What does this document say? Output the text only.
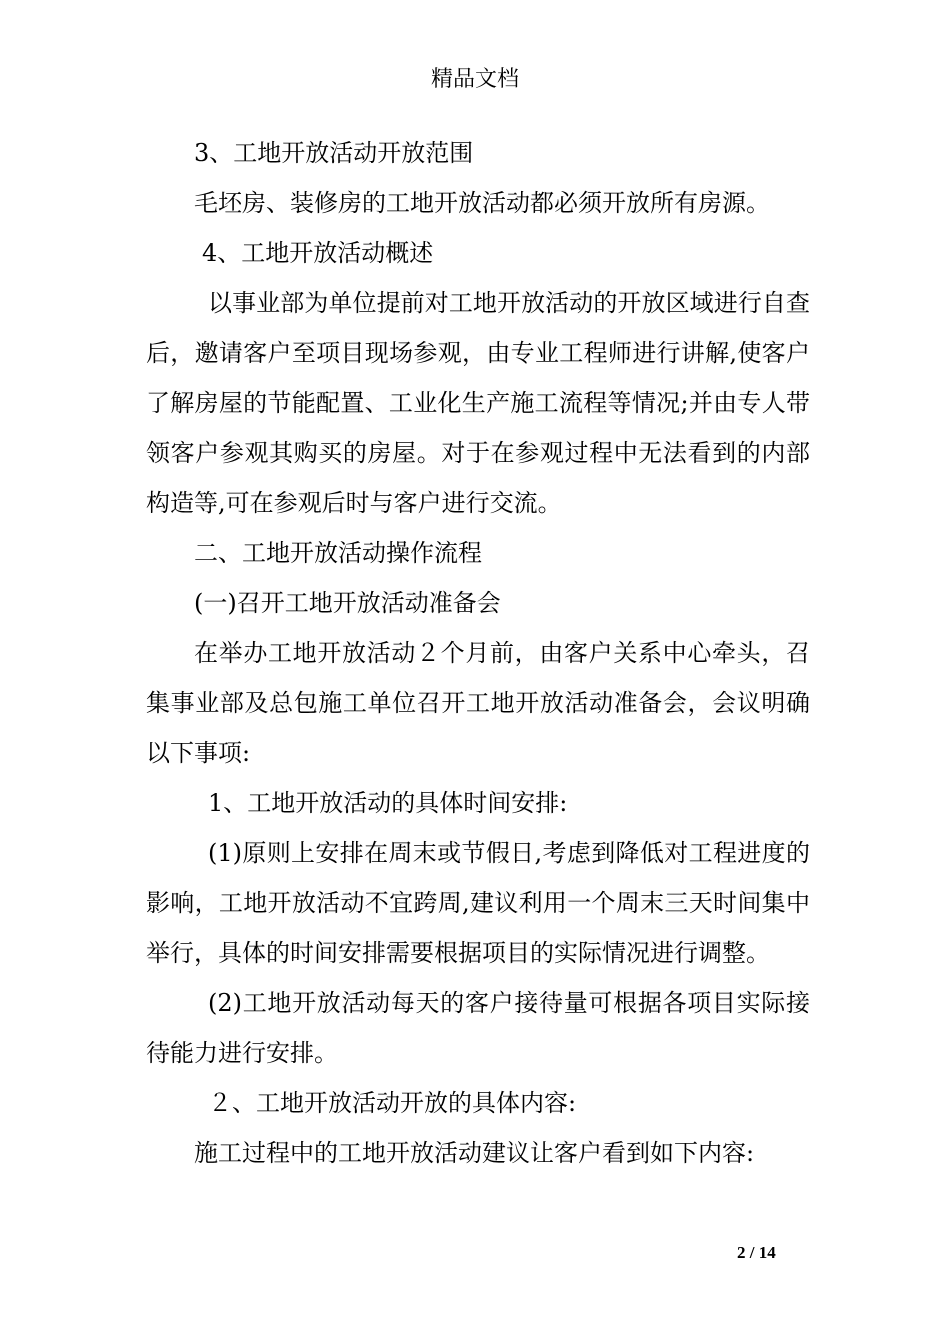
精品文档

3、工地开放活动开放范围

毛坯房、装修房的工地开放活动都必须开放所有房源。

4、工地开放活动概述

以事业部为单位提前对工地开放活动的开放区域进行自查后，邀请客户至项目现场参观，由专业工程师进行讲解,使客户了解房屋的节能配置、工业化生产施工流程等情况;并由专人带领客户参观其购买的房屋。对于在参观过程中无法看到的内部构造等,可在参观后时与客户进行交流。

二、工地开放活动操作流程

(一)召开工地开放活动准备会

在举办工地开放活动２个月前，由客户关系中心牵头，召集事业部及总包施工单位召开工地开放活动准备会，会议明确以下事项:

1、工地开放活动的具体时间安排:

(1)原则上安排在周末或节假日,考虑到降低对工程进度的影响，工地开放活动不宜跨周,建议利用一个周末三天时间集中举行，具体的时间安排需要根据项目的实际情况进行调整。

(2)工地开放活动每天的客户接待量可根据各项目实际接待能力进行安排。

２、工地开放活动开放的具体内容:

施工过程中的工地开放活动建议让客户看到如下内容:

2 / 14
